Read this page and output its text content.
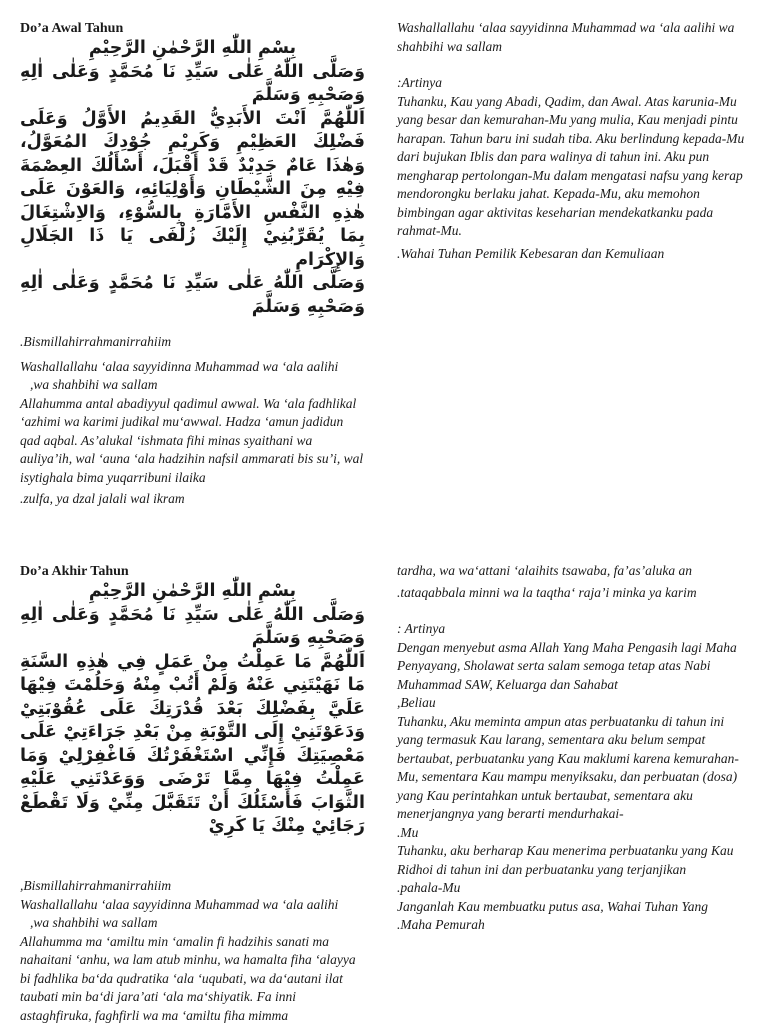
Do’a Awal Tahun
بِسْمِ اللّٰهِ الرَّحْمٰنِ الرَّحِيْمِ

وَصَلَّى اللّٰهُ عَلٰى سَيِّدِ نَا مُحَمَّدٍ وَعَلٰى اٰلِهِ وَصَحْبِهِ وَسَلَّمَ

اَللّٰهُمَّ اَنْتَ الأَبَدِيُّ القَدِيمُ الأَوَّلُ وَعَلَى فَضْلِكَ العَظِيْمِ وَكَرِيْمِ جُوْدِكَ المُعَوَّلُ، وَهٰذَا عَامٌ جَدِيْدٌ قَدْ أَقْبَلَ، أَسْأَلُكَ العِصْمَةَ فِيْهِ مِنَ الشَّيْطَانِ وَأَوْلِيَائِهِ، وَالعَوْنَ عَلَى هٰذِهِ النَّفْسِ الأَمَّارَةِ بِالسُّوْءِ، وَالاِشْتِغَالَ بِمَا يُقَرِّبُنِيْ إِلَيْكَ زُلْفَى يَا ذَا الجَلَالِ وَالإِكْرَامِ

وَصَلَّى اللّٰهُ عَلٰى سَيِّدِ نَا مُحَمَّدٍ وَعَلٰى اٰلِهِ وَصَحْبِهِ وَسَلَّمَ

.Bismillahirrahmanirrahiim

Washallallahu ‘alaa sayyidinna Muhammad wa ‘ala aalihi

,wa shahbihi wa sallam

Allahumma antal abadiyyul qadimul awwal. Wa ‘ala fadhlikal ‘azhimi wa karimi judikal mu‘awwal. Hadza ‘amun jadidun qad aqbal. As’alukal ‘ishmata fihi minas syaithani wa auliya’ih, wal ‘auna ‘ala hadzihin nafsil ammarati bis su’i, wal isytighala bima yuqarribuni ilaika

.zulfa, ya dzal jalali wal ikram

Washallallahu ‘alaa sayyidinna Muhammad wa ‘ala aalihi wa shahbihi wa sallam

:Artinya

Tuhanku, Kau yang Abadi, Qadim, dan Awal. Atas karunia-Mu yang besar dan kemurahan-Mu yang mulia, Kau menjadi pintu harapan. Tahun baru ini sudah tiba. Aku berlindung kepada-Mu dari bujukan Iblis dan para walinya di tahun ini. Aku pun mengharap pertolongan-Mu dalam mengatasi nafsu yang kerap mendorongku berlaku jahat. Kepada-Mu, aku memohon bimbingan agar aktivitas keseharian mendekatkanku pada rahmat-Mu.

.Wahai Tuhan Pemilik Kebesaran dan Kemuliaan

Do’a Akhir Tahun
بِسْمِ اللّٰهِ الرَّحْمٰنِ الرَّحِيْمِ

وَصَلَّى اللّٰهُ عَلٰى سَيِّدِ نَا مُحَمَّدٍ وَعَلٰى اٰلِهِ وَصَحْبِهِ وَسَلَّمَ

اَللّٰهُمَّ مَا عَمِلْتُ مِنْ عَمَلٍ فِي هٰذِهِ السَّنَةِ مَا نَهَيْتَنِي عَنْهُ وَلَمْ أَتُبْ مِنْهُ وَحَلُمْتَ فِيْهَا عَلَيَّ بِفَضْلِكَ بَعْدَ قُدْرَتِكَ عَلَى عُقُوْبَتِيْ وَدَعَوْتَنِيْ إِلَى التَّوْبَةِ مِنْ بَعْدِ جَرَاءَتِيْ عَلَى مَعْصِيَتِكَ فَإِنِّي اسْتَغْفَرْتُكَ فَاغْفِرْلِيْ وَمَا عَمِلْتُ فِيْهَا مِمَّا تَرْضَى وَوَعَدْتَنِي عَلَيْهِ الثَّوَابَ فَأَسْئَلُكَ أَنْ تَتَقَبَّلَ مِنِّيْ وَلَا تَقْطَعْ رَجَائِيْ مِنْكَ يَا كَرِيْ

,Bismillahirrahmanirrahiim

Washallallahu ‘alaa sayyidinna Muhammad wa ‘ala aalihi

,wa shahbihi wa sallam

Allahumma ma ‘amiltu min ‘amalin fi hadzihis sanati ma nahaitani ‘anhu, wa lam atub minhu, wa hamalta fiha ‘alayya bi fadhlika ba‘da qudratika ‘ala ‘uqubati, wa da‘autani ilat taubati min ba‘di jara’ati ‘ala ma‘shiyatik. Fa inni astaghfiruka, faghfirli wa ma ‘amiltu fiha mimma

tardha, wa wa‘attani ‘alaihits tsawaba, fa’as’aluka an

.tataqabbala minni wa la taqtha‘ raja’i minka ya karim

: Artinya

Dengan menyebut asma Allah Yang Maha Pengasih lagi Maha Penyayang, Sholawat serta salam semoga tetap atas Nabi Muhammad SAW, Keluarga dan Sahabat

,Beliau

Tuhanku, Aku meminta ampun atas perbuatanku di tahun ini yang termasuk Kau larang, sementara aku belum sempat bertaubat, perbuatanku yang Kau maklumi karena kemurahan-Mu, sementara Kau mampu menyiksaku, dan perbuatan (dosa) yang Kau perintahkan untuk bertaubat, sementara aku menerjangnya yang berarti mendurhakai-

.Mu

Tuhanku, aku berharap Kau menerima perbuatanku yang Kau Ridhoi di tahun ini dan perbuatanku yang terjanjikan

.pahala-Mu

Janganlah Kau membuatku putus asa, Wahai Tuhan Yang

.Maha Pemurah
